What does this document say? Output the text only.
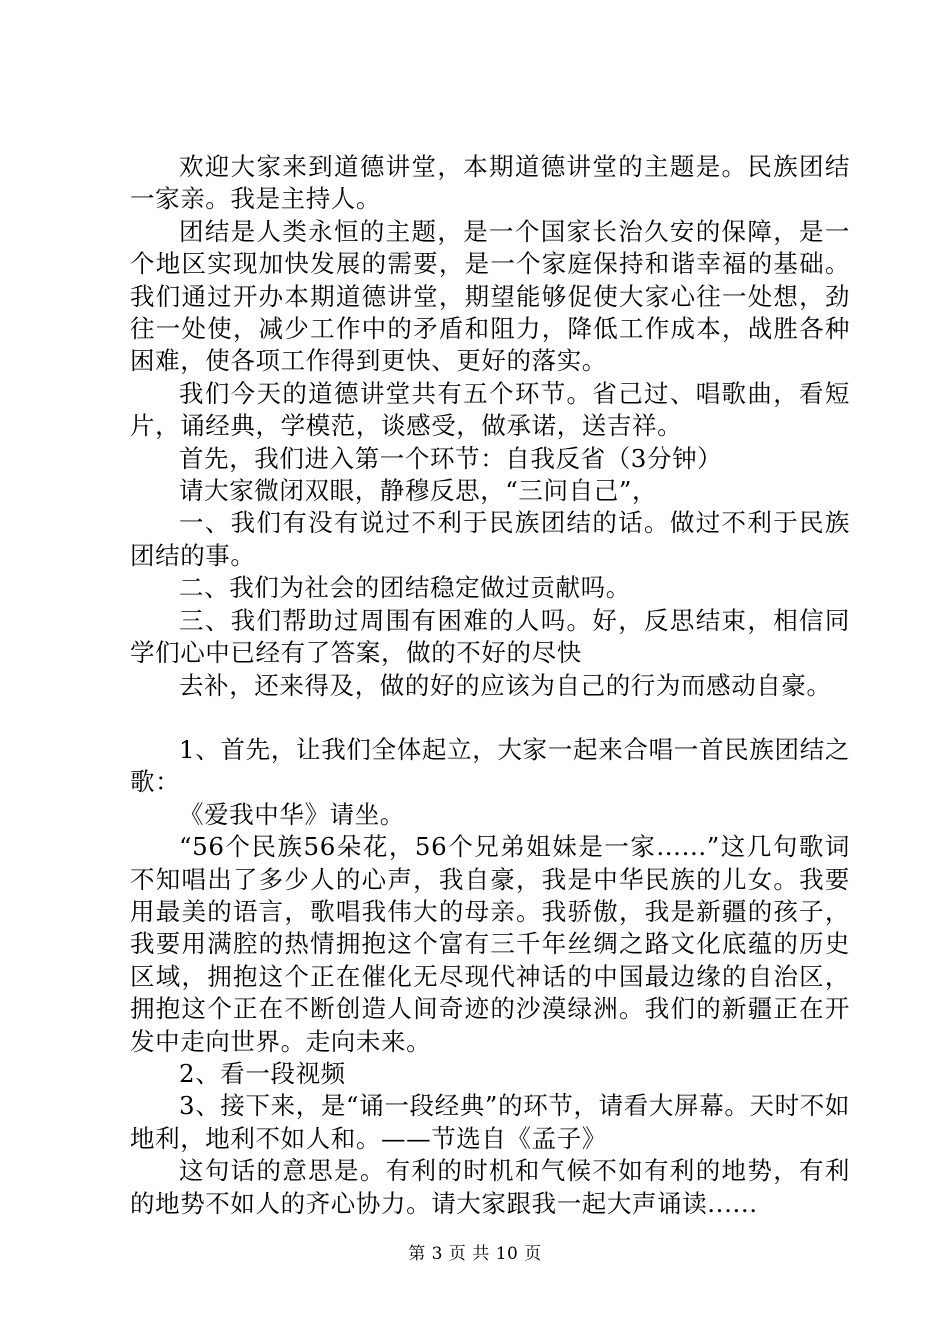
欢迎大家来到道德讲堂，本期道德讲堂的主题是。民族团结一家亲。我是主持人。

团结是人类永恒的主题，是一个国家长治久安的保障，是一个地区实现加快发展的需要，是一个家庭保持和谐幸福的基础。我们通过开办本期道德讲堂，期望能够促使大家心往一处想，劲往一处使，减少工作中的矛盾和阻力，降低工作成本，战胜各种困难，使各项工作得到更快、更好的落实。

我们今天的道德讲堂共有五个环节。省己过、唱歌曲，看短片，诵经典，学模范，谈感受，做承诺，送吉祥。

首先，我们进入第一个环节：自我反省（3分钟）

请大家微闭双眼，静穆反思，“三问自己”，

一、我们有没有说过不利于民族团结的话。做过不利于民族团结的事。

二、我们为社会的团结稳定做过贡献吗。

三、我们帮助过周围有困难的人吗。好，反思结束，相信同学们心中已经有了答案，做的不好的尽快

去补，还来得及，做的好的应该为自己的行为而感动自豪。

1、首先，让我们全体起立，大家一起来合唱一首民族团结之歌：

《爱我中华》请坐。

“56个民族56朵花，56个兄弟姐妹是一家......”这几句歌词不知唱出了多少人的心声，我自豪，我是中华民族的儿女。我要用最美的语言，歌唱我伟大的母亲。我骄傲，我是新疆的孩子，我要用满腔的热情拥抱这个富有三千年丝绸之路文化底蕴的历史区域，拥抱这个正在催化无尽现代神话的中国最边缘的自治区，拥抱这个正在不断创造人间奇迹的沙漠绿洲。我们的新疆正在开发中走向世界。走向未来。

2、看一段视频

3、接下来，是“诵一段经典”的环节，请看大屏幕。天时不如地利，地利不如人和。——节选自《孟子》

这句话的意思是。有利的时机和气候不如有利的地势，有利的地势不如人的齐心协力。请大家跟我一起大声诵读......

第 3 页 共 10 页
